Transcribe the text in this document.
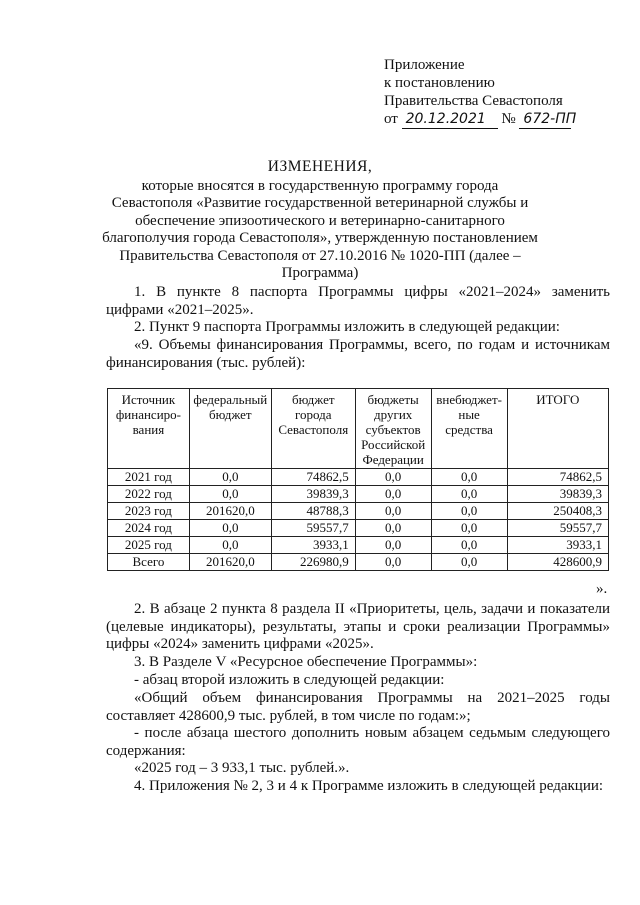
Приложение
к постановлению
Правительства Севастополя
от 20.12.2021 № 672-ПП
ИЗМЕНЕНИЯ,
которые вносятся в государственную программу города Севастополя «Развитие государственной ветеринарной службы и обеспечение эпизоотического и ветеринарно-санитарного благополучия города Севастополя», утвержденную постановлением Правительства Севастополя от 27.10.2016 № 1020-ПП (далее – Программа)
1. В пункте 8 паспорта Программы цифры «2021–2024» заменить цифрами «2021–2025».
2. Пункт 9 паспорта Программы изложить в следующей редакции:
«9. Объемы финансирования Программы, всего, по годам и источникам финансирования (тыс. рублей):
Источник финансиро-вания	федеральный бюджет	бюджет города Севастополя	бюджеты других субъектов Российской Федерации	внебюджет-ные средства	ИТОГО
2021 год	0,0	74862,5	0,0	0,0	74862,5
2022 год	0,0	39839,3	0,0	0,0	39839,3
2023 год	201620,0	48788,3	0,0	0,0	250408,3
2024 год	0,0	59557,7	0,0	0,0	59557,7
2025 год	0,0	3933,1	0,0	0,0	3933,1
Всего	201620,0	226980,9	0,0	0,0	428600,9
».
2. В абзаце 2 пункта 8 раздела II «Приоритеты, цель, задачи и показатели (целевые индикаторы), результаты, этапы и сроки реализации Программы» цифры «2024» заменить цифрами «2025».
3. В Разделе V «Ресурсное обеспечение Программы»:
- абзац второй изложить в следующей редакции:
«Общий объем финансирования Программы на 2021–2025 годы составляет 428600,9 тыс. рублей, в том числе по годам:»;
- после абзаца шестого дополнить новым абзацем седьмым следующего содержания:
«2025 год – 3 933,1 тыс. рублей.».
4. Приложения № 2, 3 и 4 к Программе изложить в следующей редакции:
